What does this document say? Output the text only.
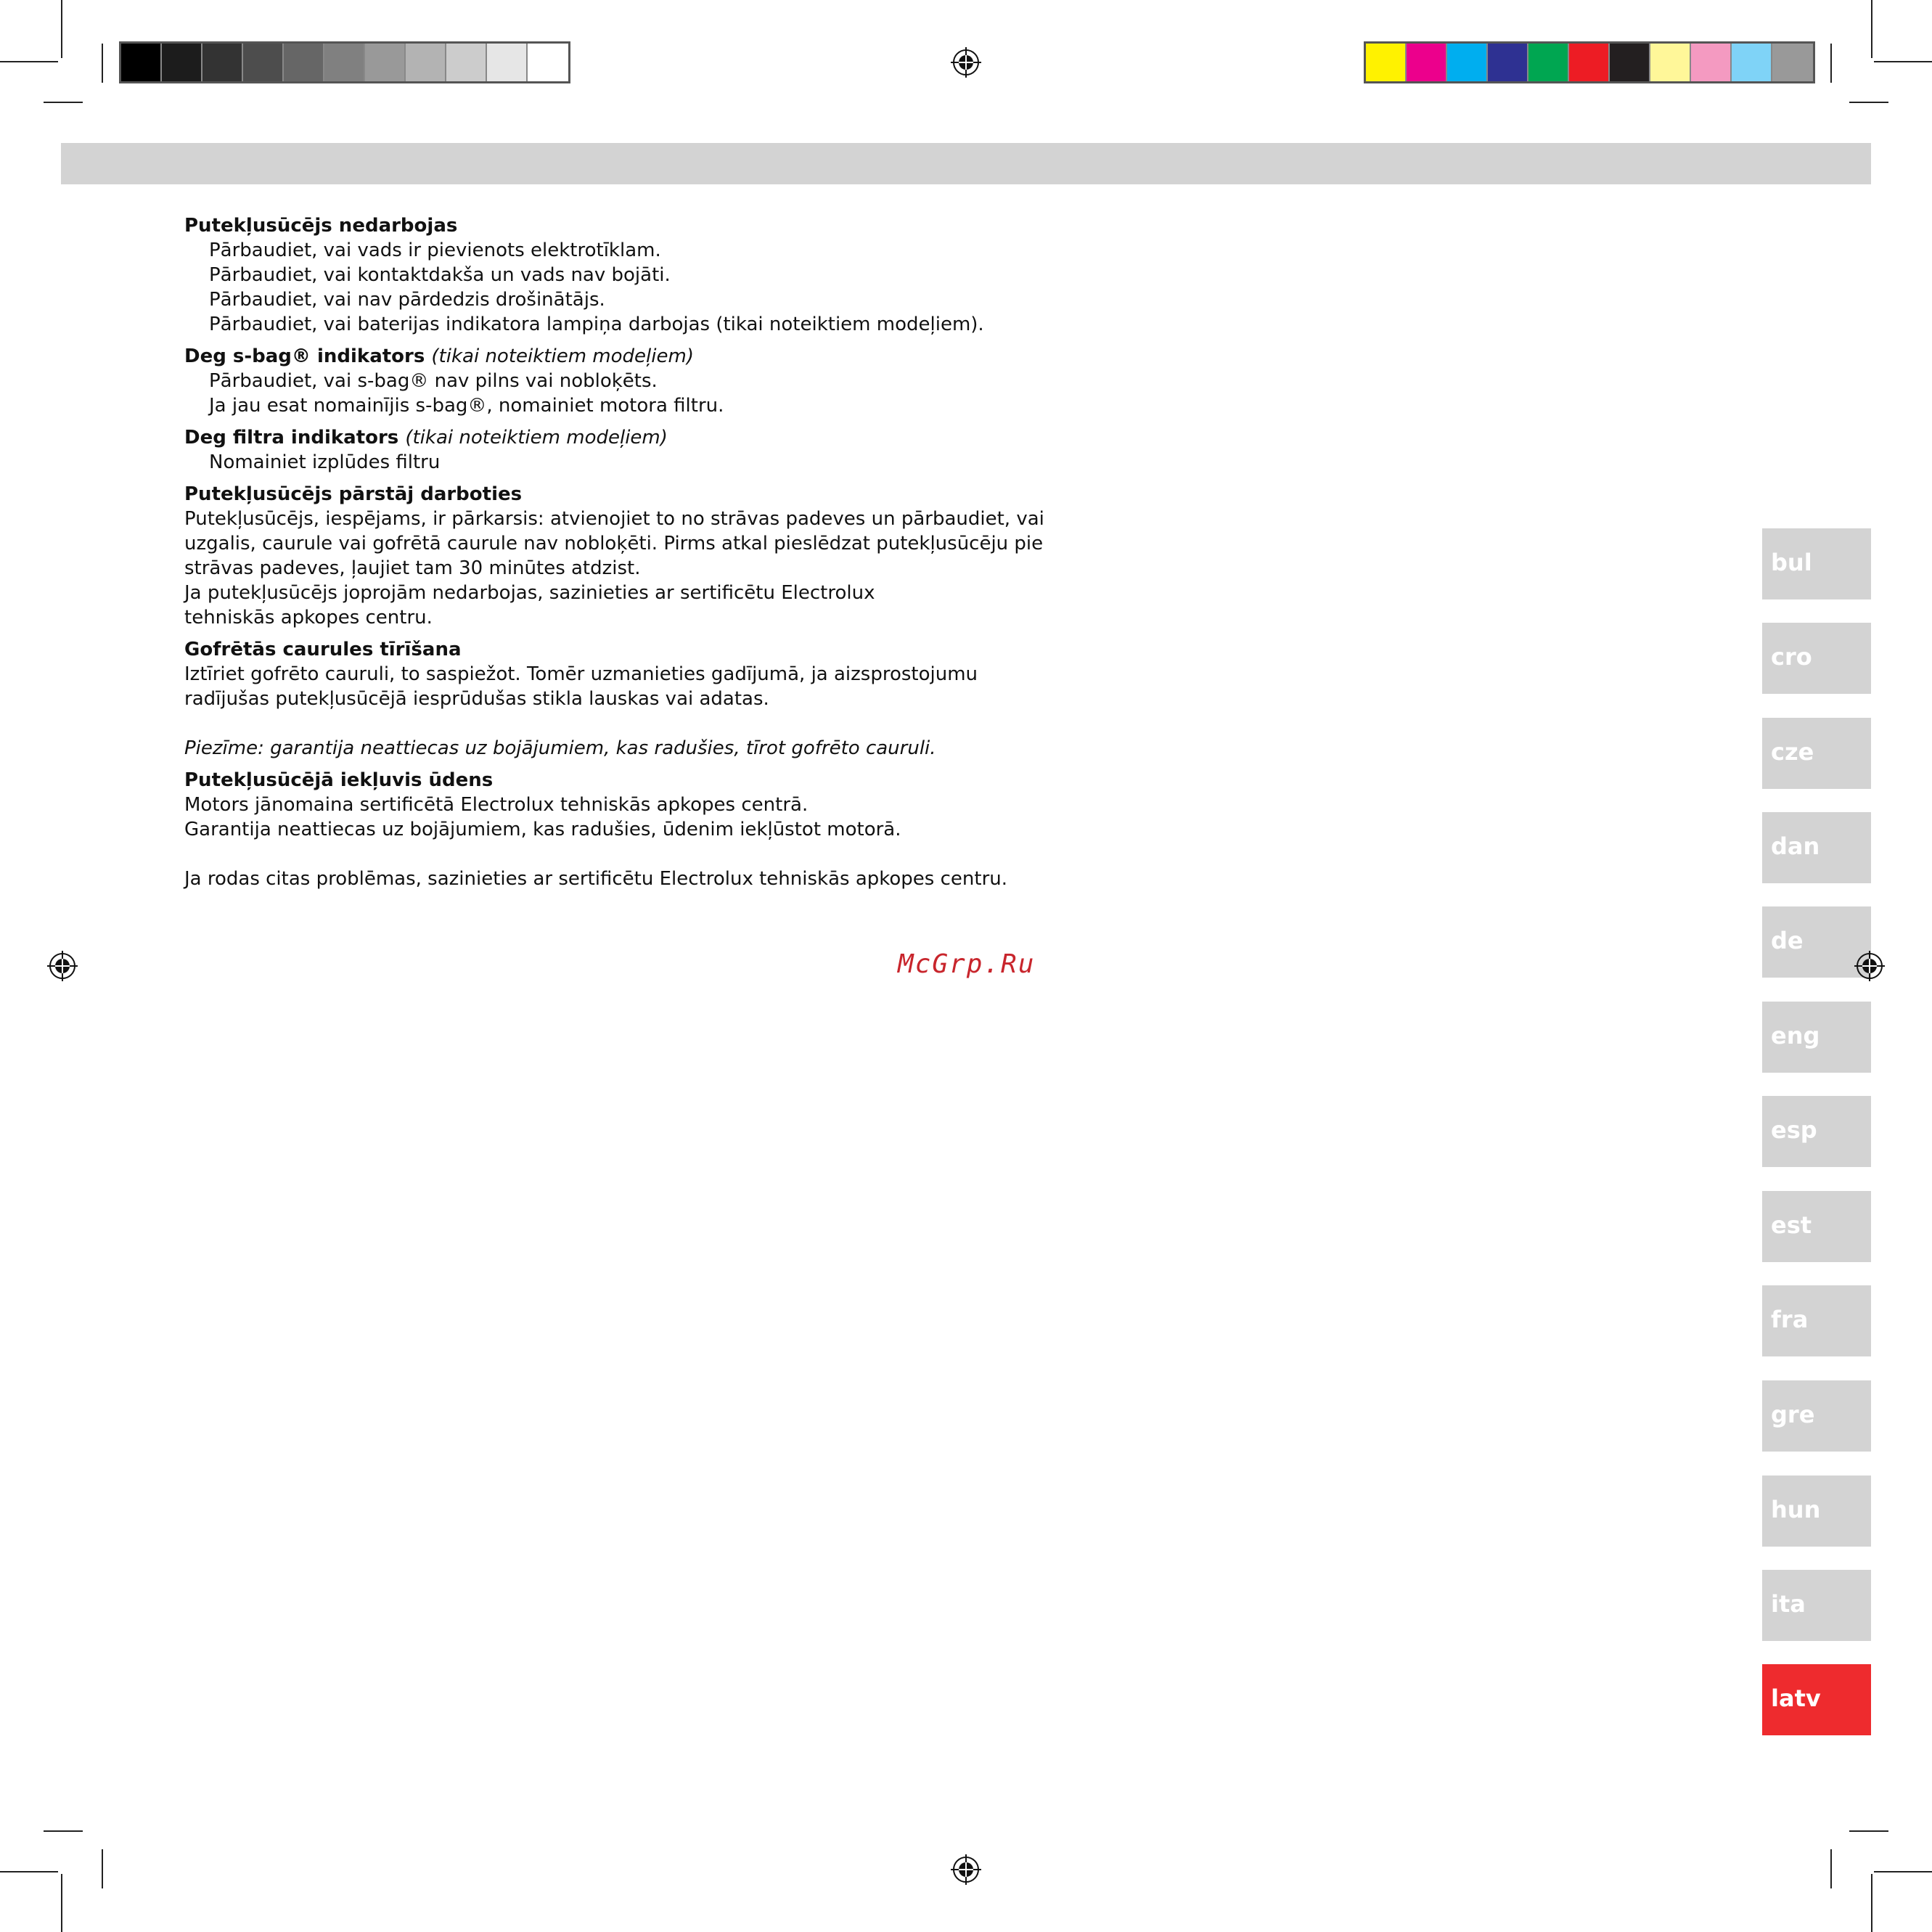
Putekļusūcējs nedarbojas

Pārbaudiet, vai vads ir pievienots elektrotīklam.

Pārbaudiet, vai kontaktdakša un vads nav bojāti.

Pārbaudiet, vai nav pārdedzis drošinātājs.

Pārbaudiet, vai baterijas indikatora lampiņa darbojas (tikai noteiktiem modeļiem).

Deg s-bag® indikators (tikai noteiktiem modeļiem)

Pārbaudiet, vai s-bag® nav pilns vai nobloķēts.

Ja jau esat nomainījis s-bag®, nomainiet motora filtru.

Deg filtra indikators (tikai noteiktiem modeļiem)

Nomainiet izplūdes filtru

Putekļusūcējs pārstāj darboties

Putekļusūcējs, iespējams, ir pārkarsis: atvienojiet to no strāvas padeves un pārbaudiet, vai

uzgalis, caurule vai gofrētā caurule nav nobloķēti. Pirms atkal pieslēdzat putekļusūcēju pie

strāvas padeves, ļaujiet tam 30 minūtes atdzist.

Ja putekļusūcējs joprojām nedarbojas, sazinieties ar sertificētu Electrolux

tehniskās apkopes centru.

Gofrētās caurules tīrīšana

Iztīriet gofrēto cauruli, to saspiežot. Tomēr uzmanieties gadījumā, ja aizsprostojumu

radījušas putekļusūcējā iesprūdušas stikla lauskas vai adatas.

Piezīme: garantija neattiecas uz bojājumiem, kas radušies, tīrot gofrēto cauruli.

Putekļusūcējā iekļuvis ūdens

Motors jānomaina sertificētā Electrolux tehniskās apkopes centrā.

Garantija neattiecas uz bojājumiem, kas radušies, ūdenim iekļūstot motorā.

Ja rodas citas problēmas, sazinieties ar sertificētu Electrolux tehniskās apkopes centru.

McGrp.Ru
bul
cro
cze
dan
de
eng
esp
est
fra
gre
hun
ita
latv
